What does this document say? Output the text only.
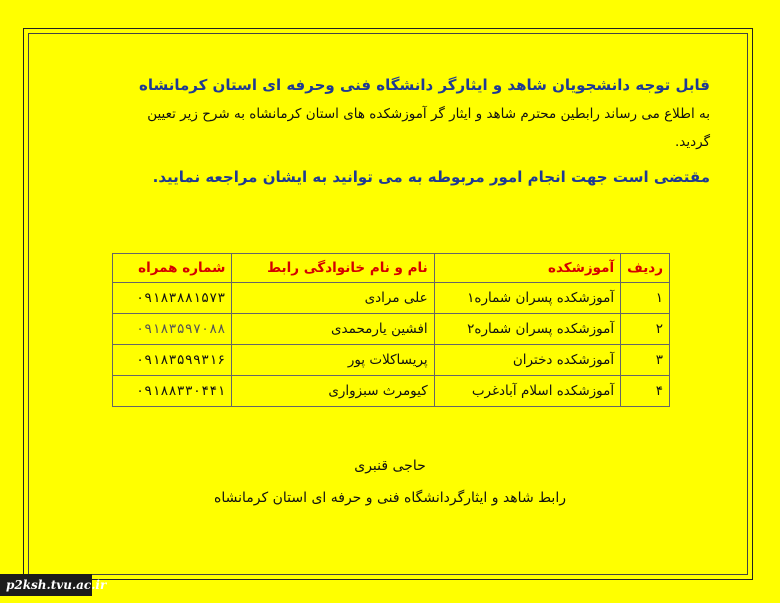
قابل توجه دانشجویان شاهد و ایثارگر دانشگاه فنی وحرفه ای استان کرمانشاه

به اطلاع می رساند رابطین محترم شاهد و ایثار گر آموزشکده های استان کرمانشاه به شرح زیر تعیین

گردید.

مقتضی است جهت انجام امور مربوطه به می توانید به ایشان مراجعه نمایید.

ردیف	آموزشکده	نام و نام خانوادگی رابط	شماره همراه
۱	آموزشکده پسران شماره۱	علی مرادی	۰۹۱۸۳۸۸۱۵۷۳
۲	آموزشکده پسران شماره۲	افشین یارمحمدی	۰۹۱۸۳۵۹۷۰۸۸
۳	آموزشکده دختران	پریساکلات پور	۰۹۱۸۳۵۹۹۳۱۶
۴	آموزشکده اسلام آبادغرب	کیومرث سبزواری	۰۹۱۸۸۳۳۰۴۴۱
حاجی قنبری
رابط شاهد و ایثارگردانشگاه فنی و حرفه ای استان کرمانشاه
p2ksh.tvu.ac.ir
